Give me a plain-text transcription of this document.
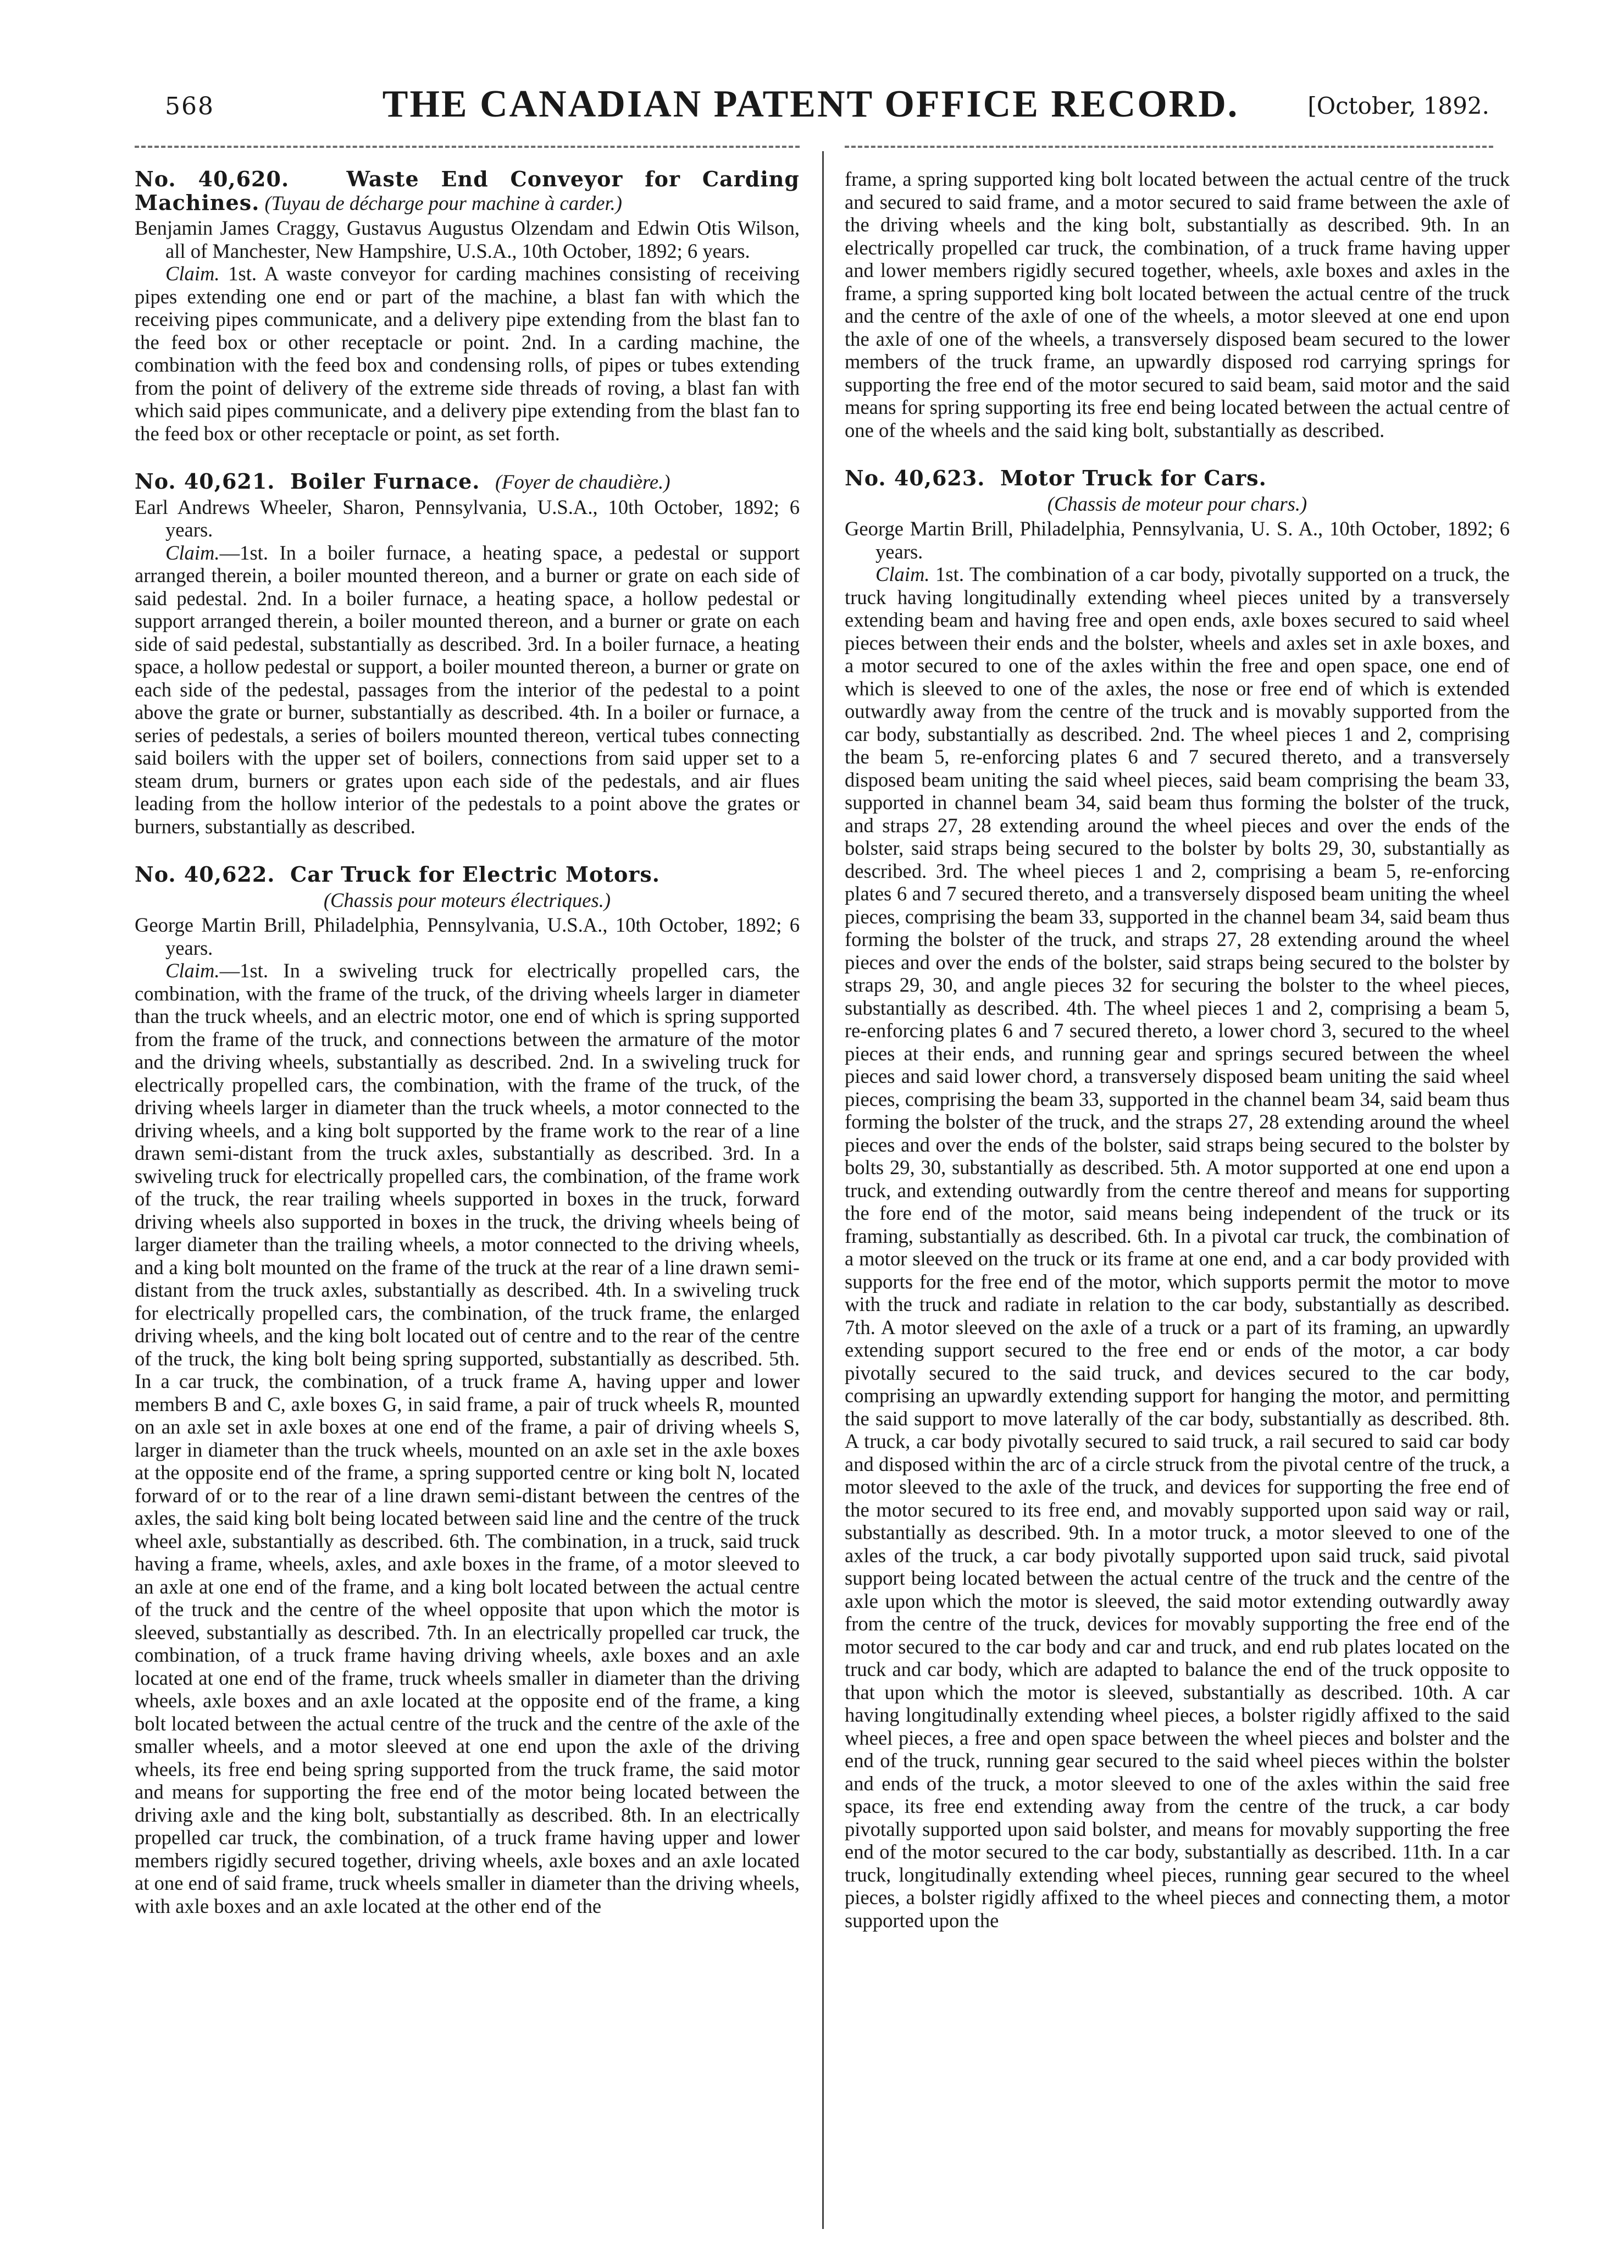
568	THE CANADIAN PATENT OFFICE RECORD.	[October, 1892.

No. 40,620.	Waste End Conveyor for Carding Machines. (Tuyau de décharge pour machine à carder.)

Benjamin James Craggy, Gustavus Augustus Olzendam and Edwin Otis Wilson, all of Manchester, New Hampshire, U.S.A., 10th October, 1892; 6 years.

Claim. 1st. A waste conveyor for carding machines consisting of receiving pipes extending one end or part of the machine, a blast fan with which the receiving pipes communicate, and a delivery pipe extending from the blast fan to the feed box or other receptacle or point. 2nd. In a carding machine, the combination with the feed box and condensing rolls, of pipes or tubes extending from the point of delivery of the extreme side threads of roving, a blast fan with which said pipes communicate, and a delivery pipe extending from the blast fan to the feed box or other receptacle or point, as set forth.

No. 40,621. Boiler Furnace. (Foyer de chaudière.)

Earl Andrews Wheeler, Sharon, Pennsylvania, U.S.A., 10th October, 1892; 6 years.

Claim.—1st. In a boiler furnace, a heating space, a pedestal or support arranged therein, a boiler mounted thereon, and a burner or grate on each side of said pedestal. 2nd. In a boiler furnace, a heating space, a hollow pedestal or support arranged therein, a boiler mounted thereon, and a burner or grate on each side of said pedestal, substantially as described. 3rd. In a boiler furnace, a heating space, a hollow pedestal or support, a boiler mounted thereon, a burner or grate on each side of the pedestal, passages from the interior of the pedestal to a point above the grate or burner, substantially as described. 4th. In a boiler or furnace, a series of pedestals, a series of boilers mounted thereon, vertical tubes connecting said boilers with the upper set of boilers, connections from said upper set to a steam drum, burners or grates upon each side of the pedestals, and air flues leading from the hollow interior of the pedestals to a point above the grates or burners, substantially as described.

No. 40,622. Car Truck for Electric Motors.

(Chassis pour moteurs électriques.)

George Martin Brill, Philadelphia, Pennsylvania, U.S.A., 10th October, 1892; 6 years.

Claim.—1st. In a swiveling truck for electrically propelled cars, the combination, with the frame of the truck, of the driving wheels larger in diameter than the truck wheels, and an electric motor, one end of which is spring supported from the frame of the truck, and connections between the armature of the motor and the driving wheels, substantially as described. 2nd. In a swiveling truck for electrically propelled cars, the combination, with the frame of the truck, of the driving wheels larger in diameter than the truck wheels, a motor connected to the driving wheels, and a king bolt supported by the frame work to the rear of a line drawn semi-distant from the truck axles, substantially as described. 3rd. In a swiveling truck for electrically propelled cars, the combination, of the frame work of the truck, the rear trailing wheels supported in boxes in the truck, forward driving wheels also supported in boxes in the truck, the driving wheels being of larger diameter than the trailing wheels, a motor connected to the driving wheels, and a king bolt mounted on the frame of the truck at the rear of a line drawn semi-distant from the truck axles, substantially as described. 4th. In a swiveling truck for electrically propelled cars, the combination, of the truck frame, the enlarged driving wheels, and the king bolt located out of centre and to the rear of the centre of the truck, the king bolt being spring supported, substantially as described. 5th. In a car truck, the combination, of a truck frame A, having upper and lower members B and C, axle boxes G, in said frame, a pair of truck wheels R, mounted on an axle set in axle boxes at one end of the frame, a pair of driving wheels S, larger in diameter than the truck wheels, mounted on an axle set in the axle boxes at the opposite end of the frame, a spring supported centre or king bolt N, located forward of or to the rear of a line drawn semi-distant between the centres of the axles, the said king bolt being located between said line and the centre of the truck wheel axle, substantially as described. 6th. The combination, in a truck, said truck having a frame, wheels, axles, and axle boxes in the frame, of a motor sleeved to an axle at one end of the frame, and a king bolt located between the actual centre of the truck and the centre of the wheel opposite that upon which the motor is sleeved, substantially as described. 7th. In an electrically propelled car truck, the combination, of a truck frame having driving wheels, axle boxes and an axle located at one end of the frame, truck wheels smaller in diameter than the driving wheels, axle boxes and an axle located at the opposite end of the frame, a king bolt located between the actual centre of the truck and the centre of the axle of the smaller wheels, and a motor sleeved at one end upon the axle of the driving wheels, its free end being spring supported from the truck frame, the said motor and means for supporting the free end of the motor being located between the driving axle and the king bolt, substantially as described. 8th. In an electrically propelled car truck, the combination, of a truck frame having upper and lower members rigidly secured together, driving wheels, axle boxes and an axle located at one end of said frame, truck wheels smaller in diameter than the driving wheels, with axle boxes and an axle located at the other end of the

frame, a spring supported king bolt located between the actual centre of the truck and secured to said frame, and a motor secured to said frame between the axle of the driving wheels and the king bolt, substantially as described. 9th. In an electrically propelled car truck, the combination, of a truck frame having upper and lower members rigidly secured together, wheels, axle boxes and axles in the frame, a spring supported king bolt located between the actual centre of the truck and the centre of the axle of one of the wheels, a motor sleeved at one end upon the axle of one of the wheels, a transversely disposed beam secured to the lower members of the truck frame, an upwardly disposed rod carrying springs for supporting the free end of the motor secured to said beam, said motor and the said means for spring supporting its free end being located between the actual centre of one of the wheels and the said king bolt, substantially as described.

No. 40,623. Motor Truck for Cars.

(Chassis de moteur pour chars.)

George Martin Brill, Philadelphia, Pennsylvania, U. S. A., 10th October, 1892; 6 years.

Claim. 1st. The combination of a car body, pivotally supported on a truck, the truck having longitudinally extending wheel pieces united by a transversely extending beam and having free and open ends, axle boxes secured to said wheel pieces between their ends and the bolster, wheels and axles set in axle boxes, and a motor secured to one of the axles within the free and open space, one end of which is sleeved to one of the axles, the nose or free end of which is extended outwardly away from the centre of the truck and is movably supported from the car body, substantially as described. 2nd. The wheel pieces 1 and 2, comprising the beam 5, re-enforcing plates 6 and 7 secured thereto, and a transversely disposed beam uniting the said wheel pieces, said beam comprising the beam 33, supported in channel beam 34, said beam thus forming the bolster of the truck, and straps 27, 28 extending around the wheel pieces and over the ends of the bolster, said straps being secured to the bolster by bolts 29, 30, substantially as described. 3rd. The wheel pieces 1 and 2, comprising a beam 5, re-enforcing plates 6 and 7 secured thereto, and a transversely disposed beam uniting the wheel pieces, comprising the beam 33, supported in the channel beam 34, said beam thus forming the bolster of the truck, and straps 27, 28 extending around the wheel pieces and over the ends of the bolster, said straps being secured to the bolster by straps 29, 30, and angle pieces 32 for securing the bolster to the wheel pieces, substantially as described. 4th. The wheel pieces 1 and 2, comprising a beam 5, re-enforcing plates 6 and 7 secured thereto, a lower chord 3, secured to the wheel pieces at their ends, and running gear and springs secured between the wheel pieces and said lower chord, a transversely disposed beam uniting the said wheel pieces, comprising the beam 33, supported in the channel beam 34, said beam thus forming the bolster of the truck, and the straps 27, 28 extending around the wheel pieces and over the ends of the bolster, said straps being secured to the bolster by bolts 29, 30, substantially as described. 5th. A motor supported at one end upon a truck, and extending outwardly from the centre thereof and means for supporting the fore end of the motor, said means being independent of the truck or its framing, substantially as described. 6th. In a pivotal car truck, the combination of a motor sleeved on the truck or its frame at one end, and a car body provided with supports for the free end of the motor, which supports permit the motor to move with the truck and radiate in relation to the car body, substantially as described. 7th. A motor sleeved on the axle of a truck or a part of its framing, an upwardly extending support secured to the free end or ends of the motor, a car body pivotally secured to the said truck, and devices secured to the car body, comprising an upwardly extending support for hanging the motor, and permitting the said support to move laterally of the car body, substantially as described. 8th. A truck, a car body pivotally secured to said truck, a rail secured to said car body and disposed within the arc of a circle struck from the pivotal centre of the truck, a motor sleeved to the axle of the truck, and devices for supporting the free end of the motor secured to its free end, and movably supported upon said way or rail, substantially as described. 9th. In a motor truck, a motor sleeved to one of the axles of the truck, a car body pivotally supported upon said truck, said pivotal support being located between the actual centre of the truck and the centre of the axle upon which the motor is sleeved, the said motor extending outwardly away from the centre of the truck, devices for movably supporting the free end of the motor secured to the car body and car and truck, and end rub plates located on the truck and car body, which are adapted to balance the end of the truck opposite to that upon which the motor is sleeved, substantially as described. 10th. A car having longitudinally extending wheel pieces, a bolster rigidly affixed to the said wheel pieces, a free and open space between the wheel pieces and bolster and the end of the truck, running gear secured to the said wheel pieces within the bolster and ends of the truck, a motor sleeved to one of the axles within the said free space, its free end extending away from the centre of the truck, a car body pivotally supported upon said bolster, and means for movably supporting the free end of the motor secured to the car body, substantially as described. 11th. In a car truck, longitudinally extending wheel pieces, running gear secured to the wheel pieces, a bolster rigidly affixed to the wheel pieces and connecting them, a motor supported upon the
